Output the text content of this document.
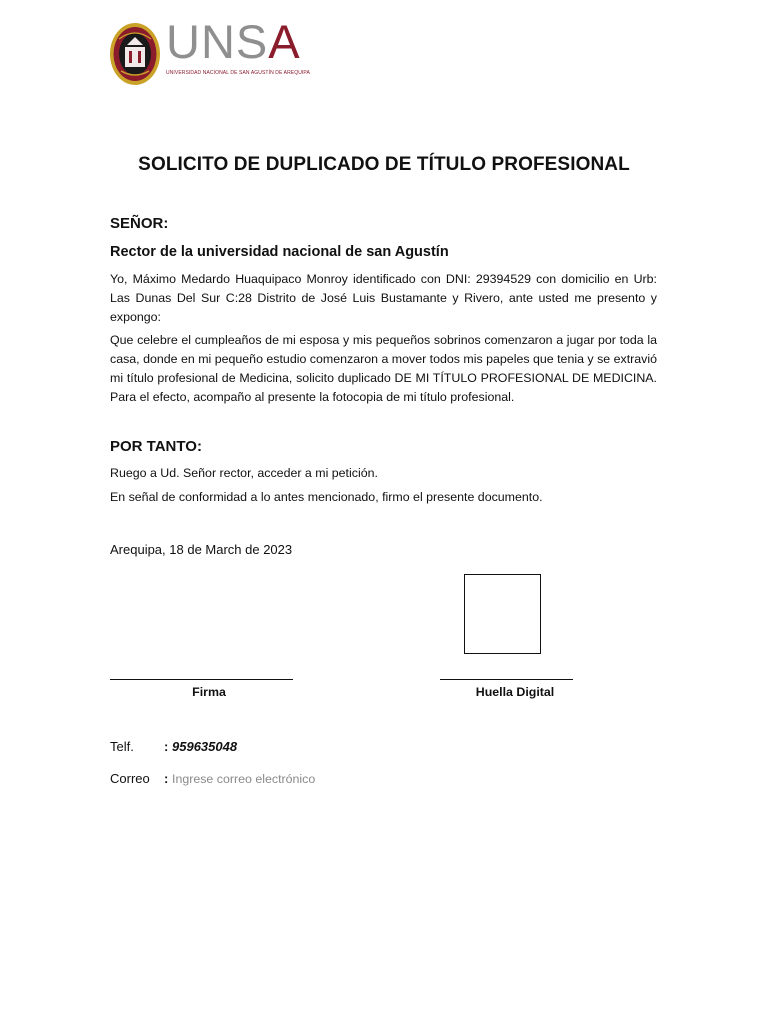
UNSA
UNIVERSIDAD NACIONAL DE SAN AGUSTÍN DE AREQUIPA
SOLICITO DE DUPLICADO DE TÍTULO PROFESIONAL
SEÑOR:
Rector de la universidad nacional de san Agustín
Yo, Máximo Medardo Huaquipaco Monroy identificado con DNI: 29394529 con domicilio en Urb: Las Dunas Del Sur C:28 Distrito de José Luis Bustamante y Rivero, ante usted me presento y expongo:
Que celebre el cumpleaños de mi esposa y mis pequeños sobrinos comenzaron a jugar por toda la casa, donde en mi pequeño estudio comenzaron a mover todos mis papeles que tenia y se extravió mi título profesional de Medicina, solicito duplicado DE MI TÍTULO PROFESIONAL DE MEDICINA. Para el efecto, acompaño al presente la fotocopia de mi título profesional.
POR TANTO:
Ruego a Ud. Señor rector, acceder a mi petición.
En señal de conformidad a lo antes mencionado, firmo el presente documento.
Arequipa, 18 de March de 2023
Firma	Huella Digital
Telf. : 959635048
Correo : Ingrese correo electrónico
